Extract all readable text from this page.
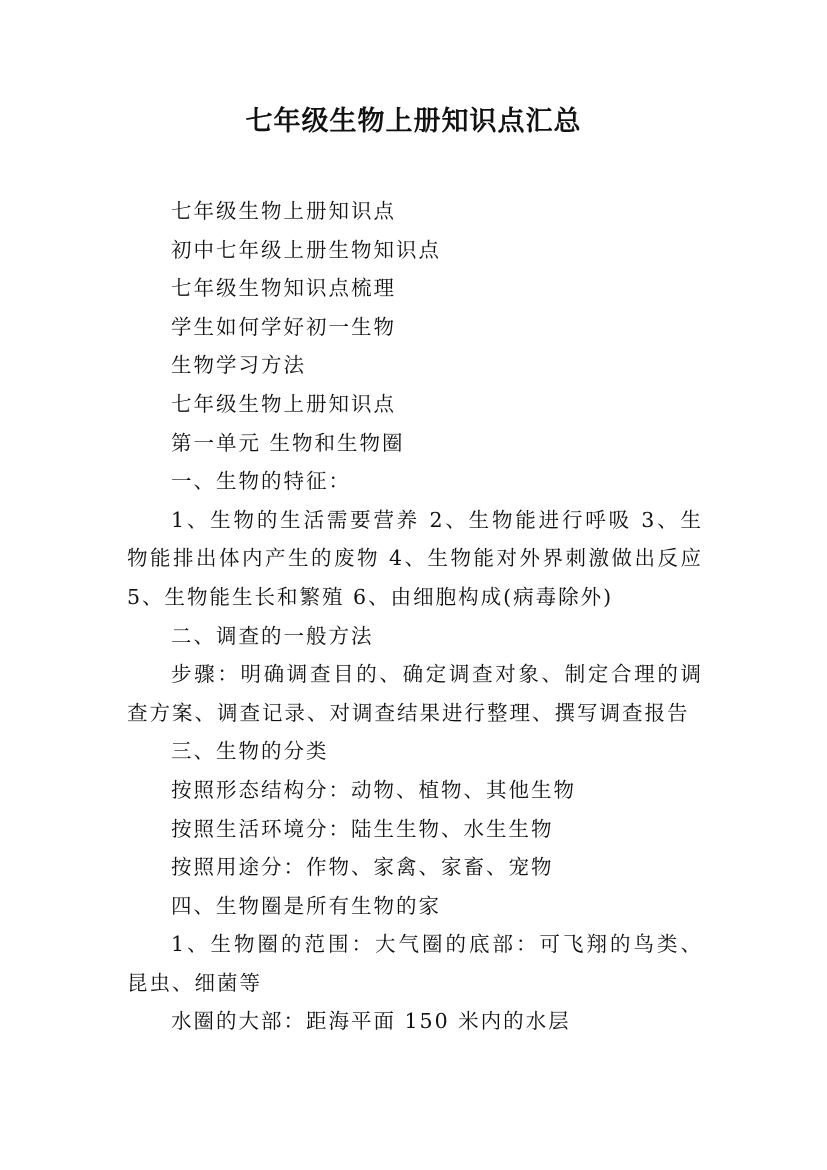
七年级生物上册知识点汇总

七年级生物上册知识点

初中七年级上册生物知识点

七年级生物知识点梳理

学生如何学好初一生物

生物学习方法

七年级生物上册知识点

第一单元 生物和生物圈

一、生物的特征：

1、生物的生活需要营养 2、生物能进行呼吸 3、生物能排出体内产生的废物 4、生物能对外界刺激做出反应 5、生物能生长和繁殖 6、由细胞构成(病毒除外)

二、调查的一般方法

步骤：明确调查目的、确定调查对象、制定合理的调查方案、调查记录、对调查结果进行整理、撰写调查报告

三、生物的分类

按照形态结构分：动物、植物、其他生物

按照生活环境分：陆生生物、水生生物

按照用途分：作物、家禽、家畜、宠物

四、生物圈是所有生物的家

1、生物圈的范围：大气圈的底部：可飞翔的鸟类、昆虫、细菌等

水圈的大部：距海平面 150 米内的水层
